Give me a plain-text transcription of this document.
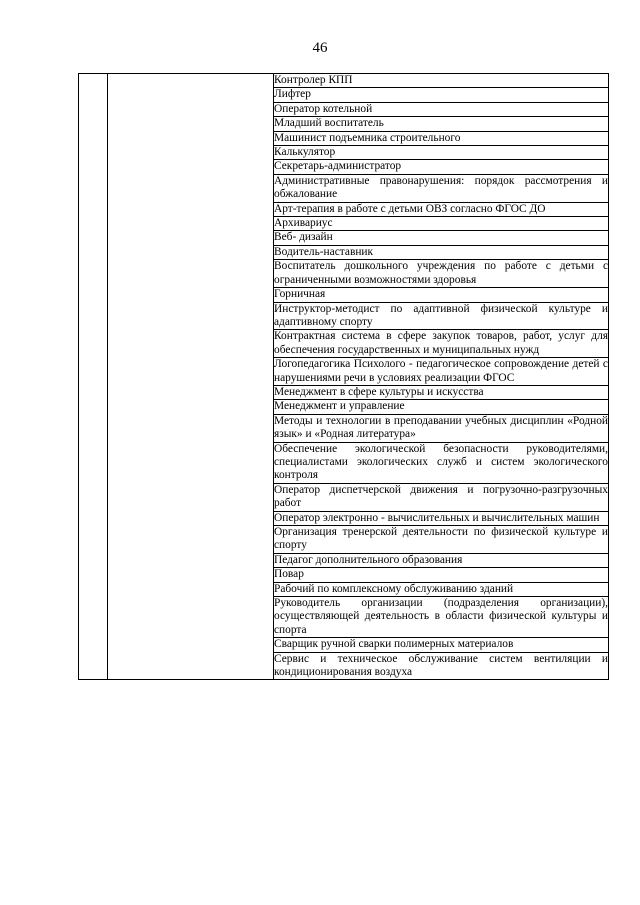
46
		Контролер КПП
Лифтер
Оператор котельной
Младший воспитатель
Машинист подъемника строительного
Калькулятор
Секретарь-администратор
Административные правонарушения: порядок рассмотрения и обжалование
Арт-терапия в работе с детьми ОВЗ согласно ФГОС ДО
Архивариус
Веб- дизайн
Водитель-наставник
Воспитатель дошкольного учреждения по работе с детьми с ограниченными возможностями здоровья
Горничная
Инструктор-методист по адаптивной физической культуре и адаптивному спорту
Контрактная система в сфере закупок товаров, работ, услуг для обеспечения государственных и муниципальных нужд
Логопедагогика Психолого - педагогическое сопровождение детей с нарушениями речи в условиях реализации ФГОС
Менеджмент в сфере культуры и искусства
Менеджмент и управление
Методы и технологии в преподавании учебных дисциплин «Родной язык» и «Родная литература»
Обеспечение экологической безопасности руководителями, специалистами экологических служб и систем экологического контроля
Оператор диспетчерской движения и погрузочно-разгрузочных работ
Оператор электронно - вычислительных и вычислительных машин
Организация тренерской деятельности по физической культуре и спорту
Педагог дополнительного образования
Повар
Рабочий по комплексному обслуживанию зданий
Руководитель организации (подразделения организации), осуществляющей деятельность в области физической культуры и спорта
Сварщик ручной сварки полимерных материалов
Сервис и техническое обслуживание систем вентиляции и кондиционирования воздуха
